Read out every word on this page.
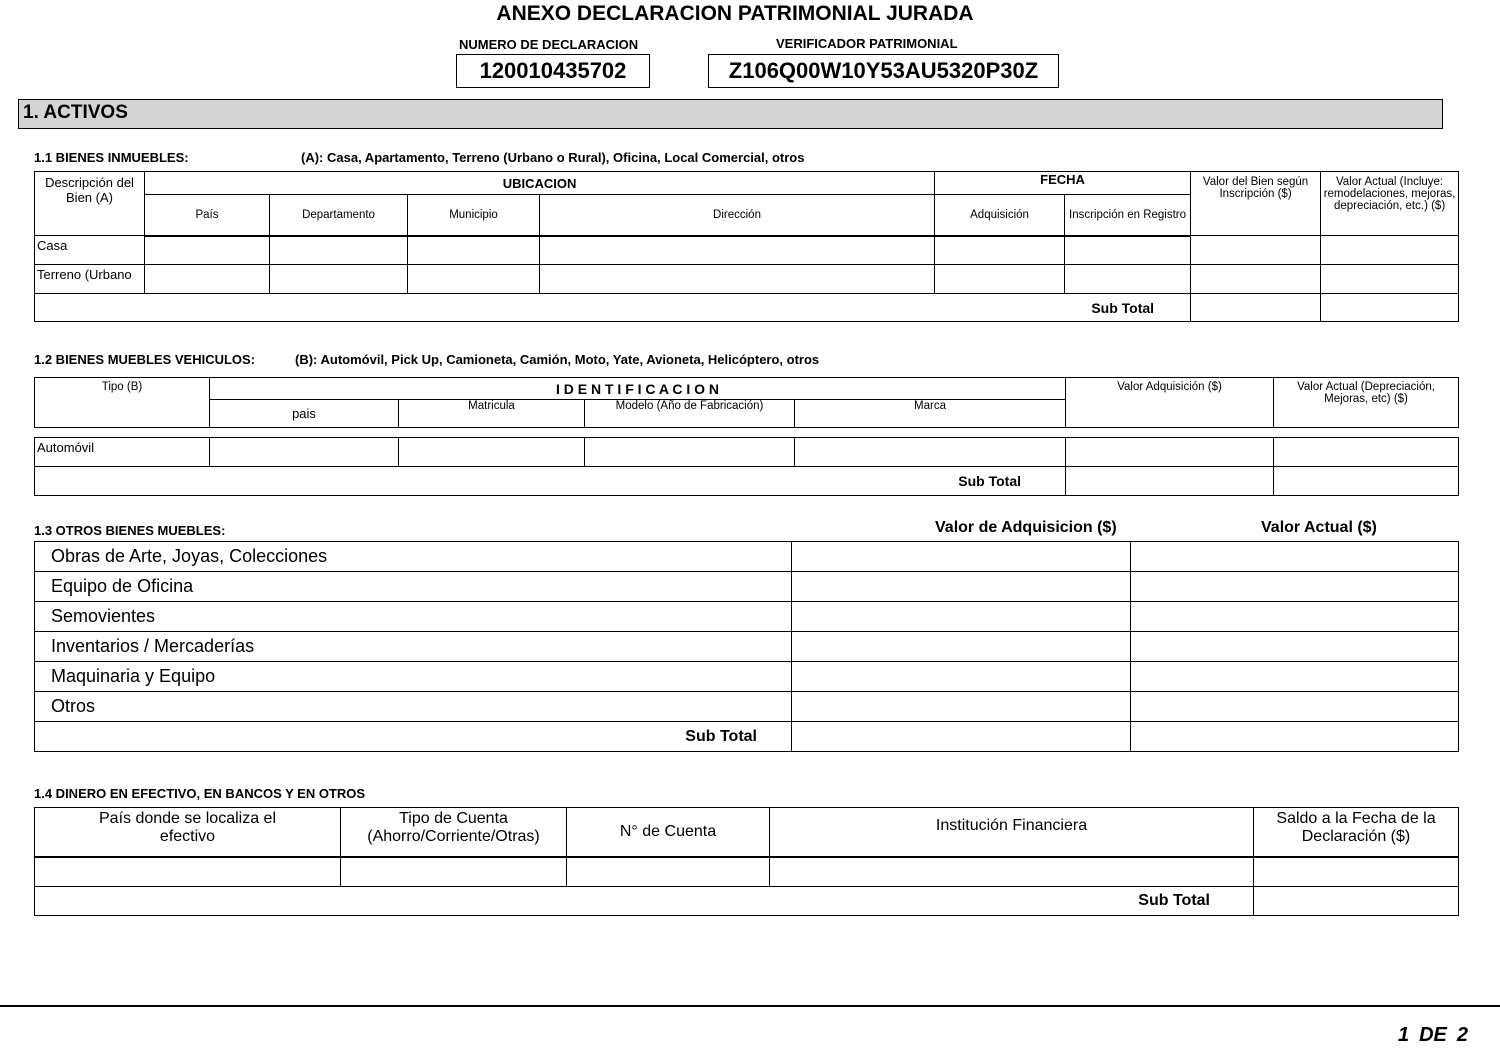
ANEXO DECLARACION PATRIMONIAL JURADA
NUMERO DE DECLARACION
120010435702
VERIFICADOR PATRIMONIAL
Z106Q00W10Y53AU5320P30Z
1. ACTIVOS
1.1 BIENES INMUEBLES:	(A): Casa, Apartamento, Terreno (Urbano o Rural), Oficina, Local Comercial, otros
Descripción del Bien (A)	UBICACION				FECHA		Valor del Bien según Inscripción ($)	Valor Actual (Incluye: remodelaciones, mejoras, depreciación, etc.) ($)
	País	Departamento	Municipio	Dirección	Adquisición	Inscripción en Registro		
Casa								
Terreno (Urbano								
Sub Total								
1.2 BIENES MUEBLES VEHICULOS:	(B): Automóvil, Pick Up, Camioneta, Camión, Moto, Yate, Avioneta, Helicóptero, otros
Tipo (B)	I D E N T I F I C A C I O N				Valor Adquisición ($)	Valor Actual (Depreciación, Mejoras, etc) ($)
	pais	Matricula	Modelo (Año de Fabricación)	Marca		
Automóvil						
Sub Total						
1.3 OTROS BIENES MUEBLES:	Valor de Adquisicion ($)	Valor Actual ($)
Obras de Arte, Joyas, Colecciones		
Equipo de Oficina		
Semovientes		
Inventarios / Mercaderías		
Maquinaria y Equipo		
Otros		
Sub Total		
1.4 DINERO EN EFECTIVO, EN BANCOS Y EN OTROS
País donde se localiza el efectivo	Tipo de Cuenta (Ahorro/Corriente/Otras)	N° de Cuenta	Institución Financiera	Saldo a la Fecha de la Declaración ($)

Sub Total				
1 DE 2
